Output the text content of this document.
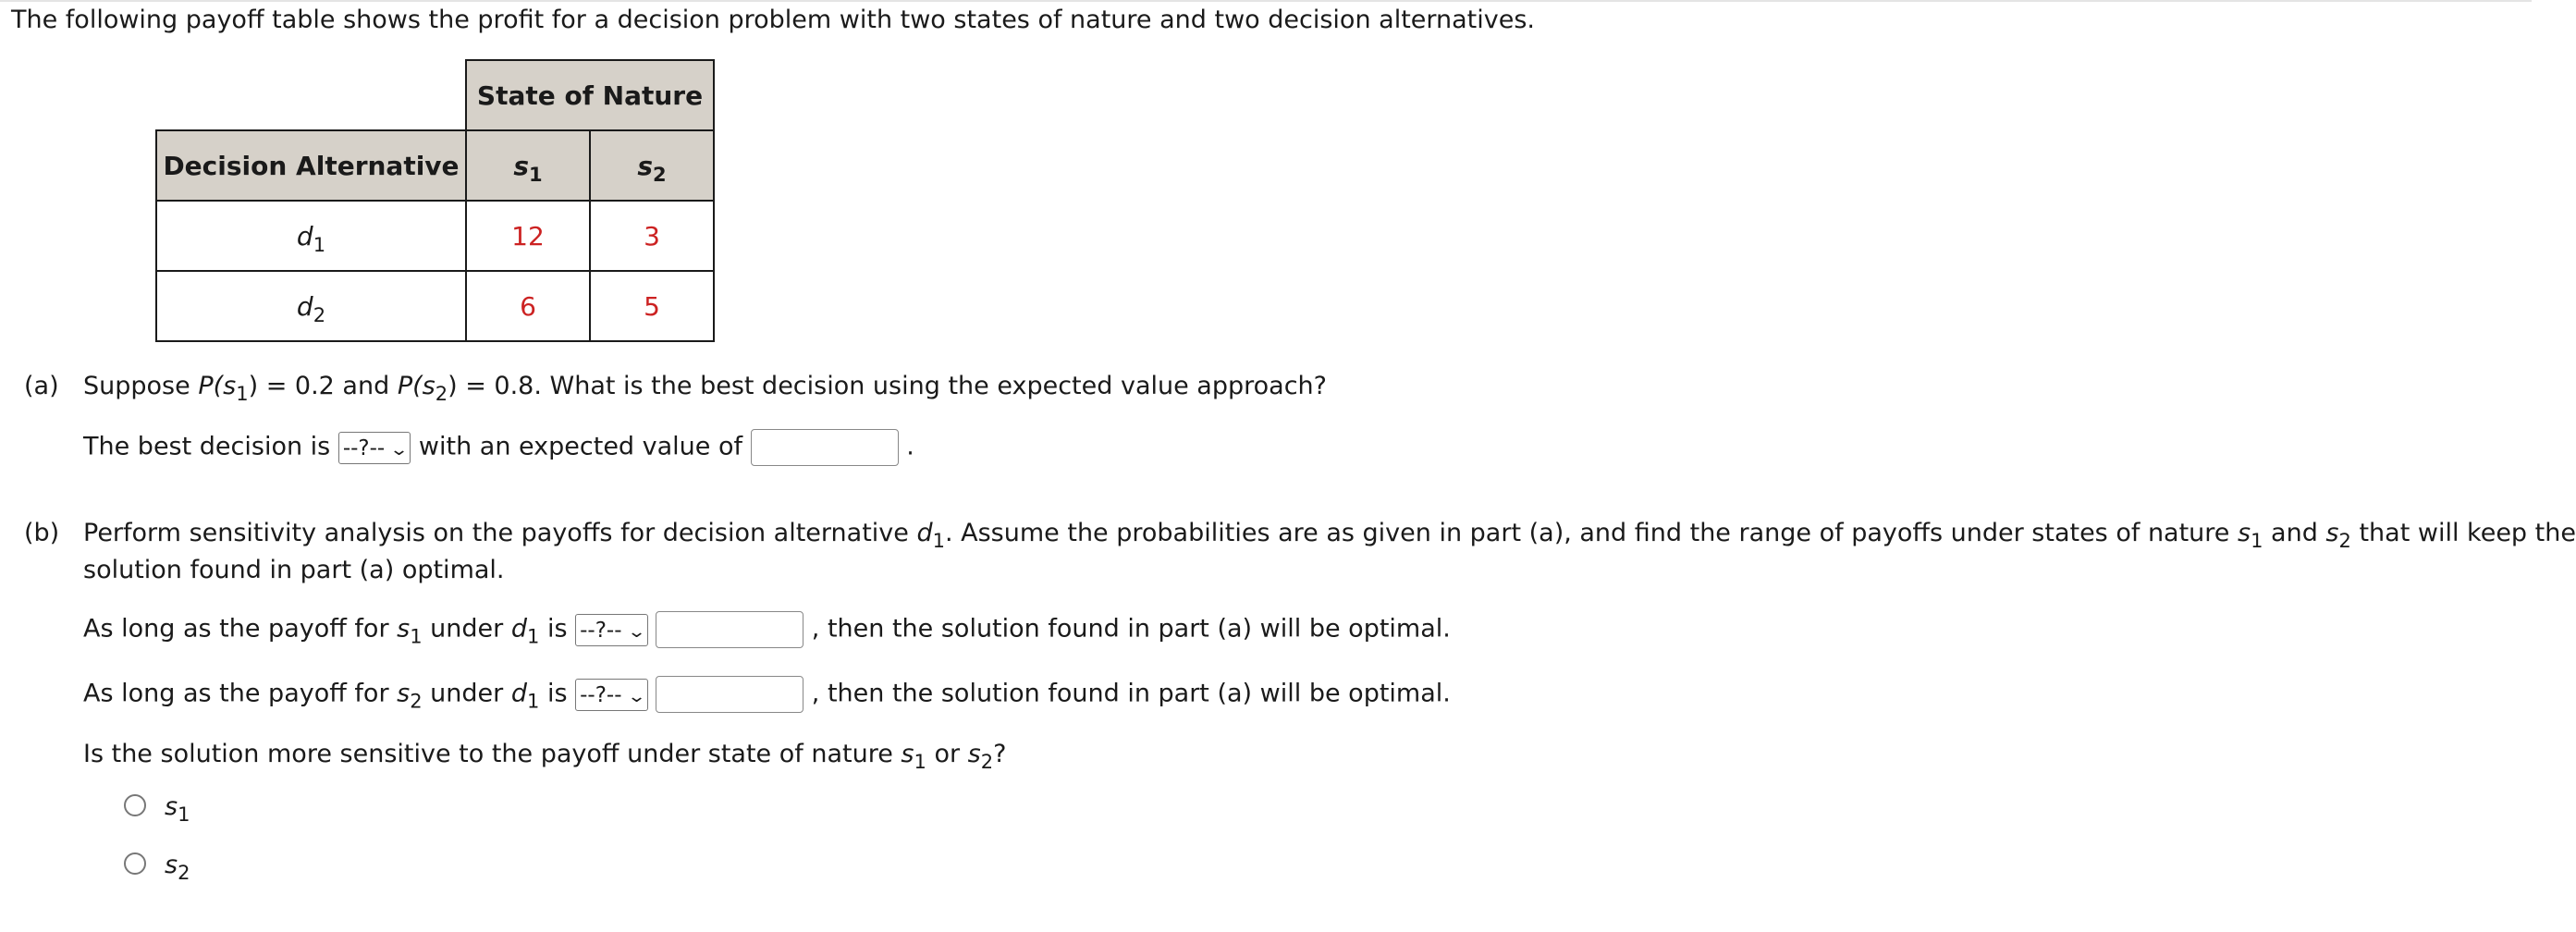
The following payoff table shows the profit for a decision problem with two states of nature and two decision alternatives.
	State of Nature	
Decision Alternative	$s_1$	$s_2$
$d_1$	12	3
$d_2$	6	5
(a) Suppose $P(s_1) = 0.2$ and $P(s_2) = 0.8$. What is the best decision using the expected value approach?
The best decision is --?-- ⌄ with an expected value of	.
(b) Perform sensitivity analysis on the payoffs for decision alternative $d_1$. Assume the probabilities are as given in part (a), and find the range of payoffs under states of nature $s_1$ and $s_2$ that will keep the
solution found in part (a) optimal.
As long as the payoff for $s_1$ under $d_1$ is --?-- ⌄	, then the solution found in part (a) will be optimal.
As long as the payoff for $s_2$ under $d_1$ is --?-- ⌄	, then the solution found in part (a) will be optimal.
Is the solution more sensitive to the payoff under state of nature $s_1$ or $s_2$?
$s_1$
$s_2$
